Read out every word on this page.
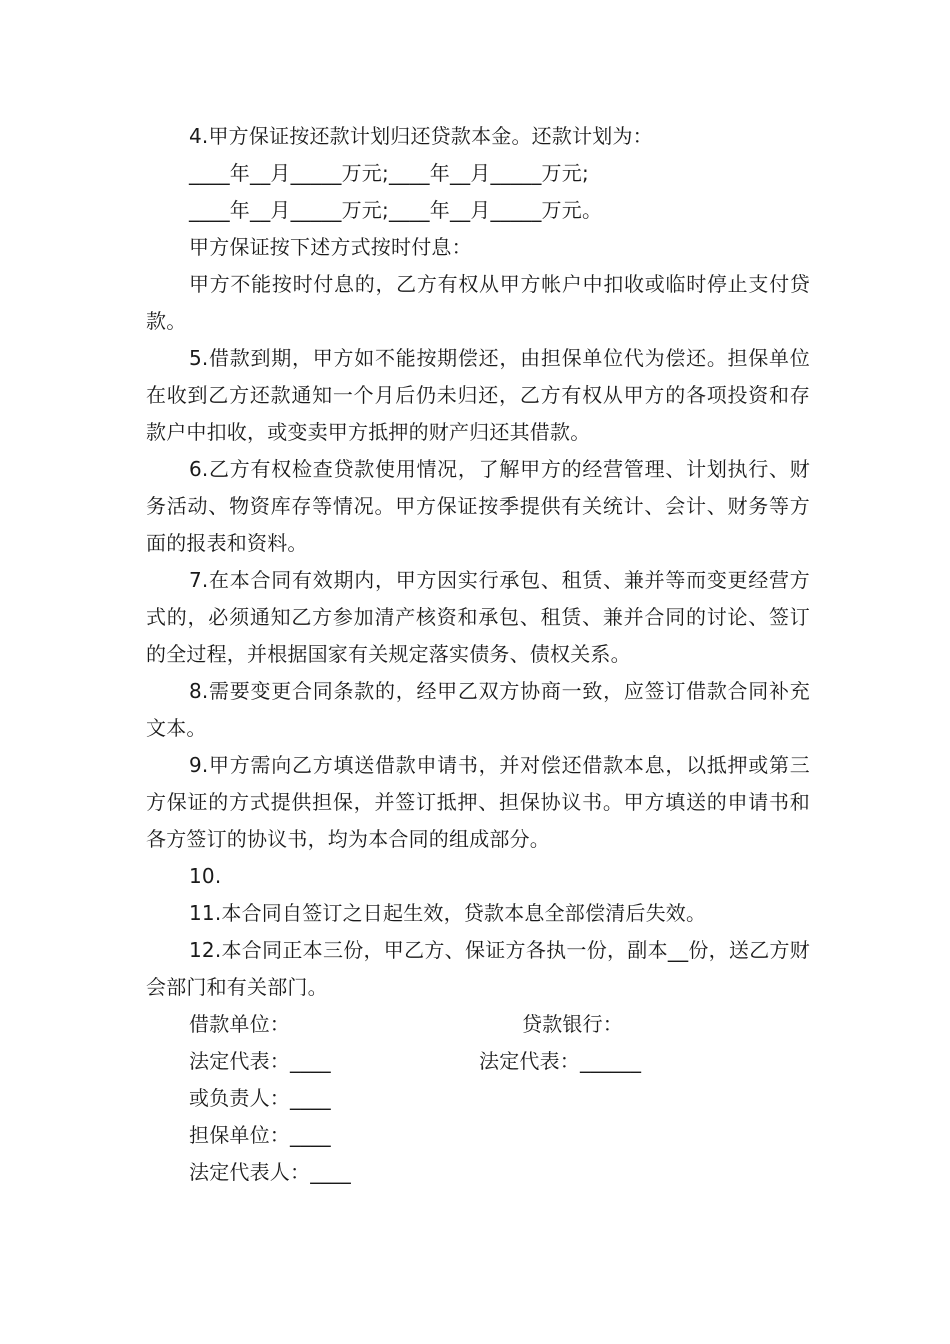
4.甲方保证按还款计划归还贷款本金。还款计划为：

____年__月_____万元;____年__月_____万元;

____年__月_____万元;____年__月_____万元。

甲方保证按下述方式按时付息：

甲方不能按时付息的，乙方有权从甲方帐户中扣收或临时停止支付贷款。

5.借款到期，甲方如不能按期偿还，由担保单位代为偿还。担保单位在收到乙方还款通知一个月后仍未归还，乙方有权从甲方的各项投资和存款户中扣收，或变卖甲方抵押的财产归还其借款。

6.乙方有权检查贷款使用情况，了解甲方的经营管理、计划执行、财务活动、物资库存等情况。甲方保证按季提供有关统计、会计、财务等方面的报表和资料。

7.在本合同有效期内，甲方因实行承包、租赁、兼并等而变更经营方式的，必须通知乙方参加清产核资和承包、租赁、兼并合同的讨论、签订的全过程，并根据国家有关规定落实债务、债权关系。

8.需要变更合同条款的，经甲乙双方协商一致，应签订借款合同补充文本。

9.甲方需向乙方填送借款申请书，并对偿还借款本息，以抵押或第三方保证的方式提供担保，并签订抵押、担保协议书。甲方填送的申请书和各方签订的协议书，均为本合同的组成部分。

10.

11.本合同自签订之日起生效，贷款本息全部偿清后失效。

12.本合同正本三份，甲乙方、保证方各执一份，副本__份，送乙方财会部门和有关部门。

借款单位：	贷款银行：
法定代表：____	法定代表：______
或负责人：____
担保单位：____
法定代表人：____
